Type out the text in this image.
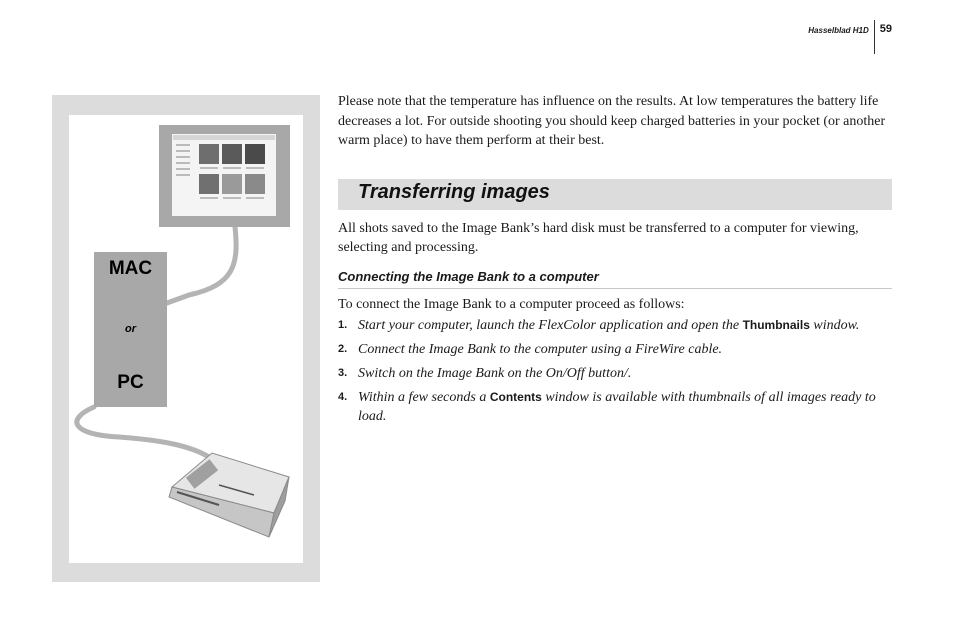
Hasselblad H1D	59
MAC
or
PC

Please note that the temperature has influence on the results. At low temperatures the battery life decreases a lot. For outside shooting you should keep charged batteries in your pocket (or another warm place) to have them perform at their best.

Transferring images

All shots saved to the Image Bank’s hard disk must be transferred to a computer for viewing, selecting and processing.

Connecting the Image Bank to a computer

To connect the Image Bank to a computer proceed as follows:

1. Start your computer, launch the FlexColor application and open the Thumbnails window.
2. Connect the Image Bank to the computer using a FireWire cable.
3. Switch on the Image Bank on the On/Off button/.
4. Within a few seconds a Contents window is available with thumbnails of all images ready to load.
